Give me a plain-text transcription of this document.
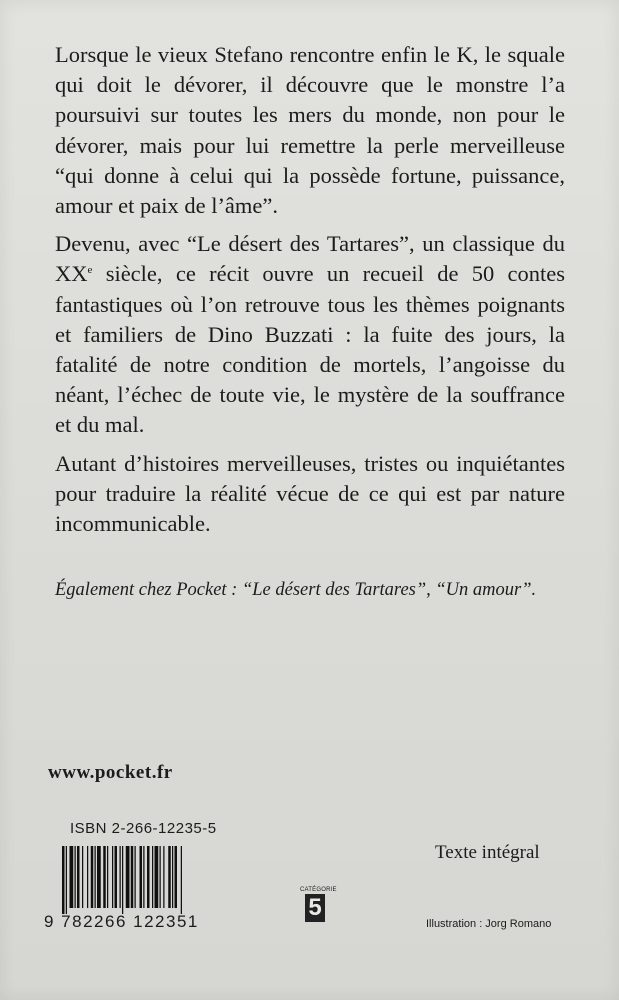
Lorsque le vieux Stefano rencontre enfin le K, le squale qui doit le dévorer, il découvre que le monstre l’a poursuivi sur toutes les mers du monde, non pour le dévorer, mais pour lui remettre la perle merveilleuse “qui donne à celui qui la possède fortune, puissance, amour et paix de l’âme”.

Devenu, avec “Le désert des Tartares”, un classique du XXe siècle, ce récit ouvre un recueil de 50 contes fantastiques où l’on retrouve tous les thèmes poignants et familiers de Dino Buzzati : la fuite des jours, la fatalité de notre condition de mortels, l’angoisse du néant, l’échec de toute vie, le mystère de la souffrance et du mal.

Autant d’histoires merveilleuses, tristes ou inquiétantes pour traduire la réalité vécue de ce qui est par nature incommunicable.

Également chez Pocket : “Le désert des Tartares”, “Un amour”.
www.pocket.fr
ISBN 2-266-12235-5
9 782266 122351
CATÉGORIE
5
Texte intégral
Illustration : Jorg Romano
